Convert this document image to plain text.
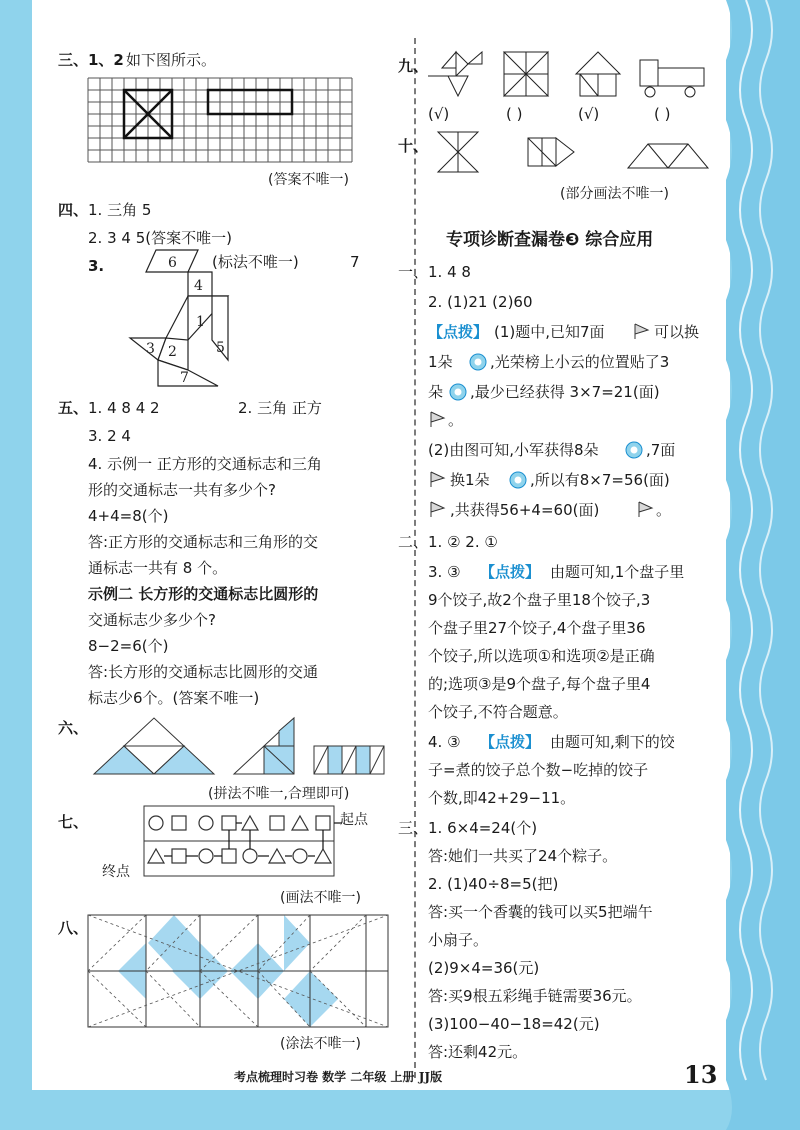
三、1、2 如下图所示。
(答案不唯一)
四、 1. 三角 5
2. 3 4 5(答案不唯一)
3.	(标法不唯一)	7
6
4
1
3 2	5
7
五、 1. 4 8 4 2	2. 三角 正方
3. 2 4
4. 示例一 正方形的交通标志和三角
形的交通标志一共有多少个?
4+4=8(个)
答:正方形的交通标志和三角形的交
通标志一共有 8 个。
示例二 长方形的交通标志比圆形的
交通标志少多少个?
8−2=6(个)
答:长方形的交通标志比圆形的交通
标志少6个。(答案不唯一)
六、
(拼法不唯一,合理即可)
七、	起点
终点
(画法不唯一)
八、
(涂法不唯一)
九、
(√)	( )	(√)	( )
十、
(部分画法不唯一)
专项诊断查漏卷❸ 综合应用
一、1. 4 8
2. (1)21 (2)60
【点拨】 (1)题中,已知7面	可以换
1朵 ,光荣榜上小云的位置贴了3
朵 ,最少已经获得 3×7=21(面)
。
(2)由图可知,小军获得8朵	,7面
换1朵	,所以有8×7=56(面)
,共获得56+4=60(面)	。
二、1. ② 2. ①
3. ③ 【点拨】 由题可知,1个盘子里
9个饺子,故2个盘子里18个饺子,3
个盘子里27个饺子,4个盘子里36
个饺子,所以选项①和选项②是正确
的;选项③是9个盘子,每个盘子里4
个饺子,不符合题意。
4. ③ 【点拨】 由题可知,剩下的饺
子=煮的饺子总个数−吃掉的饺子
个数,即42+29−11。
三、1. 6×4=24(个)
答:她们一共买了24个粽子。
2. (1)40÷8=5(把)
答:买一个香囊的钱可以买5把端午
小扇子。
(2)9×4=36(元)
答:买9根五彩绳手链需要36元。
(3)100−40−18=42(元)
答:还剩42元。
考点梳理时习卷 数学 二年级 上册 JJ版	13
